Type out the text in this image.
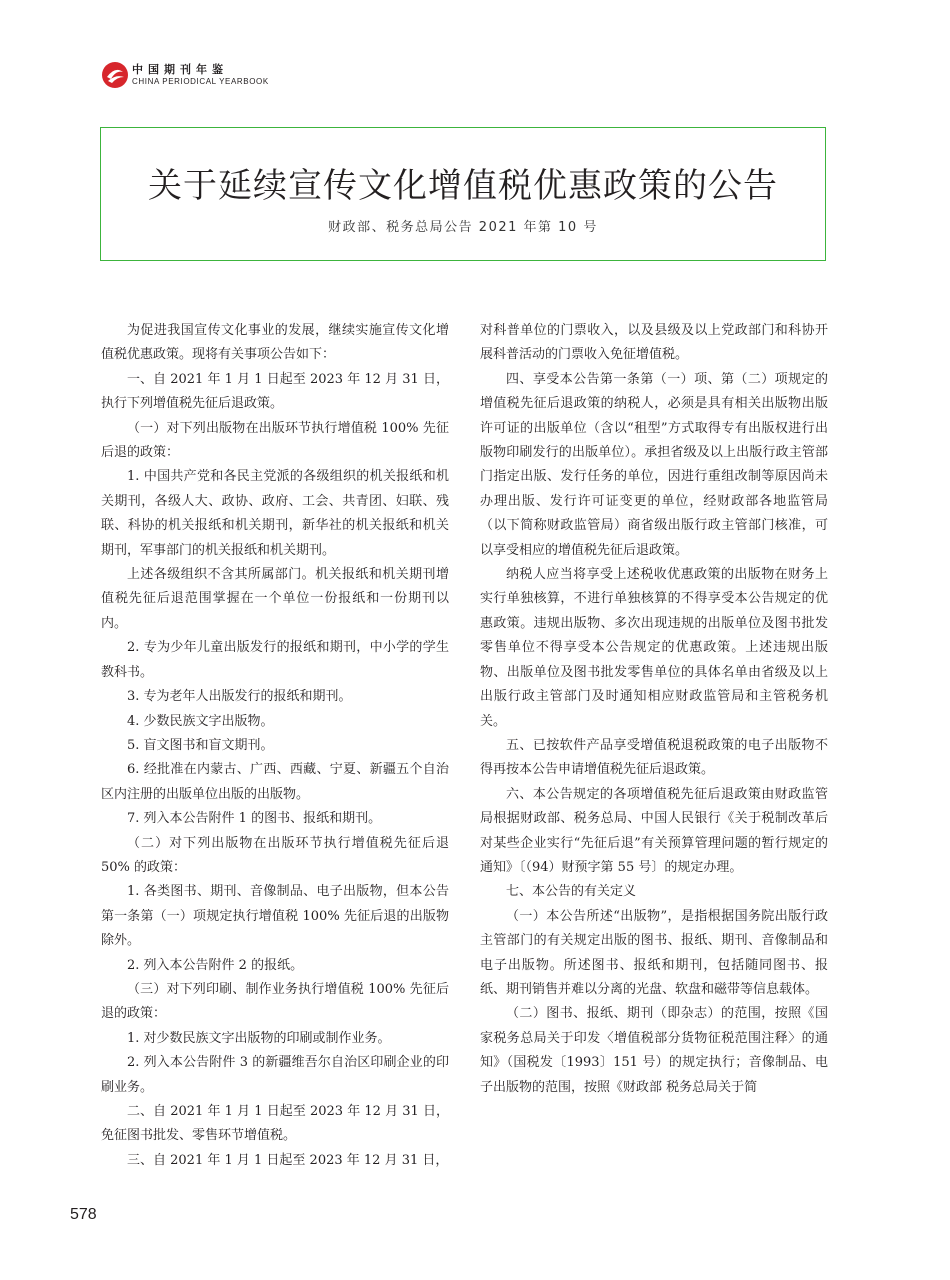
中国期刊年鉴
CHINA PERIODICAL YEARBOOK
关于延续宣传文化增值税优惠政策的公告
财政部、税务总局公告 2021 年第 10 号

为促进我国宣传文化事业的发展，继续实施宣传文化增值税优惠政策。现将有关事项公告如下：

一、自 2021 年 1 月 1 日起至 2023 年 12 月 31 日，执行下列增值税先征后退政策。

（一）对下列出版物在出版环节执行增值税 100% 先征后退的政策：

1. 中国共产党和各民主党派的各级组织的机关报纸和机关期刊，各级人大、政协、政府、工会、共青团、妇联、残联、科协的机关报纸和机关期刊，新华社的机关报纸和机关期刊，军事部门的机关报纸和机关期刊。

上述各级组织不含其所属部门。机关报纸和机关期刊增值税先征后退范围掌握在一个单位一份报纸和一份期刊以内。

2. 专为少年儿童出版发行的报纸和期刊，中小学的学生教科书。

3. 专为老年人出版发行的报纸和期刊。

4. 少数民族文字出版物。

5. 盲文图书和盲文期刊。

6. 经批准在内蒙古、广西、西藏、宁夏、新疆五个自治区内注册的出版单位出版的出版物。

7. 列入本公告附件 1 的图书、报纸和期刊。

（二）对下列出版物在出版环节执行增值税先征后退 50% 的政策：

1. 各类图书、期刊、音像制品、电子出版物，但本公告第一条第（一）项规定执行增值税 100% 先征后退的出版物除外。

2. 列入本公告附件 2 的报纸。

（三）对下列印刷、制作业务执行增值税 100% 先征后退的政策：

1. 对少数民族文字出版物的印刷或制作业务。

2. 列入本公告附件 3 的新疆维吾尔自治区印刷企业的印刷业务。

二、自 2021 年 1 月 1 日起至 2023 年 12 月 31 日，免征图书批发、零售环节增值税。

三、自 2021 年 1 月 1 日起至 2023 年 12 月 31 日，

对科普单位的门票收入，以及县级及以上党政部门和科协开展科普活动的门票收入免征增值税。

四、享受本公告第一条第（一）项、第（二）项规定的增值税先征后退政策的纳税人，必须是具有相关出版物出版许可证的出版单位（含以“租型”方式取得专有出版权进行出版物印刷发行的出版单位）。承担省级及以上出版行政主管部门指定出版、发行任务的单位，因进行重组改制等原因尚未办理出版、发行许可证变更的单位，经财政部各地监管局（以下简称财政监管局）商省级出版行政主管部门核准，可以享受相应的增值税先征后退政策。

纳税人应当将享受上述税收优惠政策的出版物在财务上实行单独核算，不进行单独核算的不得享受本公告规定的优惠政策。违规出版物、多次出现违规的出版单位及图书批发零售单位不得享受本公告规定的优惠政策。上述违规出版物、出版单位及图书批发零售单位的具体名单由省级及以上出版行政主管部门及时通知相应财政监管局和主管税务机关。

五、已按软件产品享受增值税退税政策的电子出版物不得再按本公告申请增值税先征后退政策。

六、本公告规定的各项增值税先征后退政策由财政监管局根据财政部、税务总局、中国人民银行《关于税制改革后对某些企业实行“先征后退”有关预算管理问题的暂行规定的通知》〔（94）财预字第 55 号〕的规定办理。

七、本公告的有关定义

（一）本公告所述“出版物”，是指根据国务院出版行政主管部门的有关规定出版的图书、报纸、期刊、音像制品和电子出版物。所述图书、报纸和期刊，包括随同图书、报纸、期刊销售并难以分离的光盘、软盘和磁带等信息载体。

（二）图书、报纸、期刊（即杂志）的范围，按照《国家税务总局关于印发〈增值税部分货物征税范围注释〉的通知》（国税发〔1993〕151 号）的规定执行；音像制品、电子出版物的范围，按照《财政部 税务总局关于简

578
